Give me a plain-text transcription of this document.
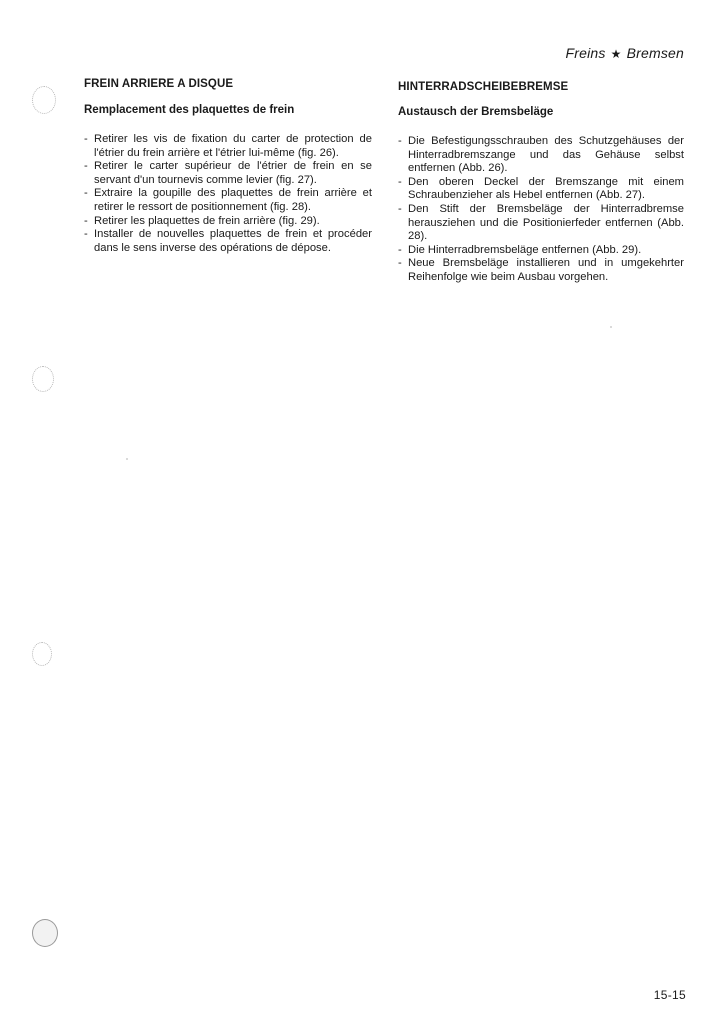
Freins ★ Bremsen
FREIN ARRIERE A DISQUE
Remplacement des plaquettes de frein
- Retirer les vis de fixation du carter de protection de l'étrier du frein arrière et l'étrier lui-même (fig. 26).
- Retirer le carter supérieur de l'étrier de frein en se servant d'un tournevis comme levier (fig. 27).
- Extraire la goupille des plaquettes de frein arrière et retirer le ressort de positionnement (fig. 28).
- Retirer les plaquettes de frein arrière (fig. 29).
- Installer de nouvelles plaquettes de frein et procéder dans le sens inverse des opérations de dépose.
HINTERRADSCHEIBEBREMSE
Austausch der Bremsbeläge
- Die Befestigungsschrauben des Schutzgehäuses der Hinterradbremszange und das Gehäuse selbst entfernen (Abb. 26).
- Den oberen Deckel der Bremszange mit einem Schraubenzieher als Hebel entfernen (Abb. 27).
- Den Stift der Bremsbeläge der Hinterradbremse herausziehen und die Positionierfeder entfernen (Abb. 28).
- Die Hinterradbremsbeläge entfernen (Abb. 29).
- Neue Bremsbeläge installieren und in umgekehrter Reihenfolge wie beim Ausbau vorgehen.
15-15
